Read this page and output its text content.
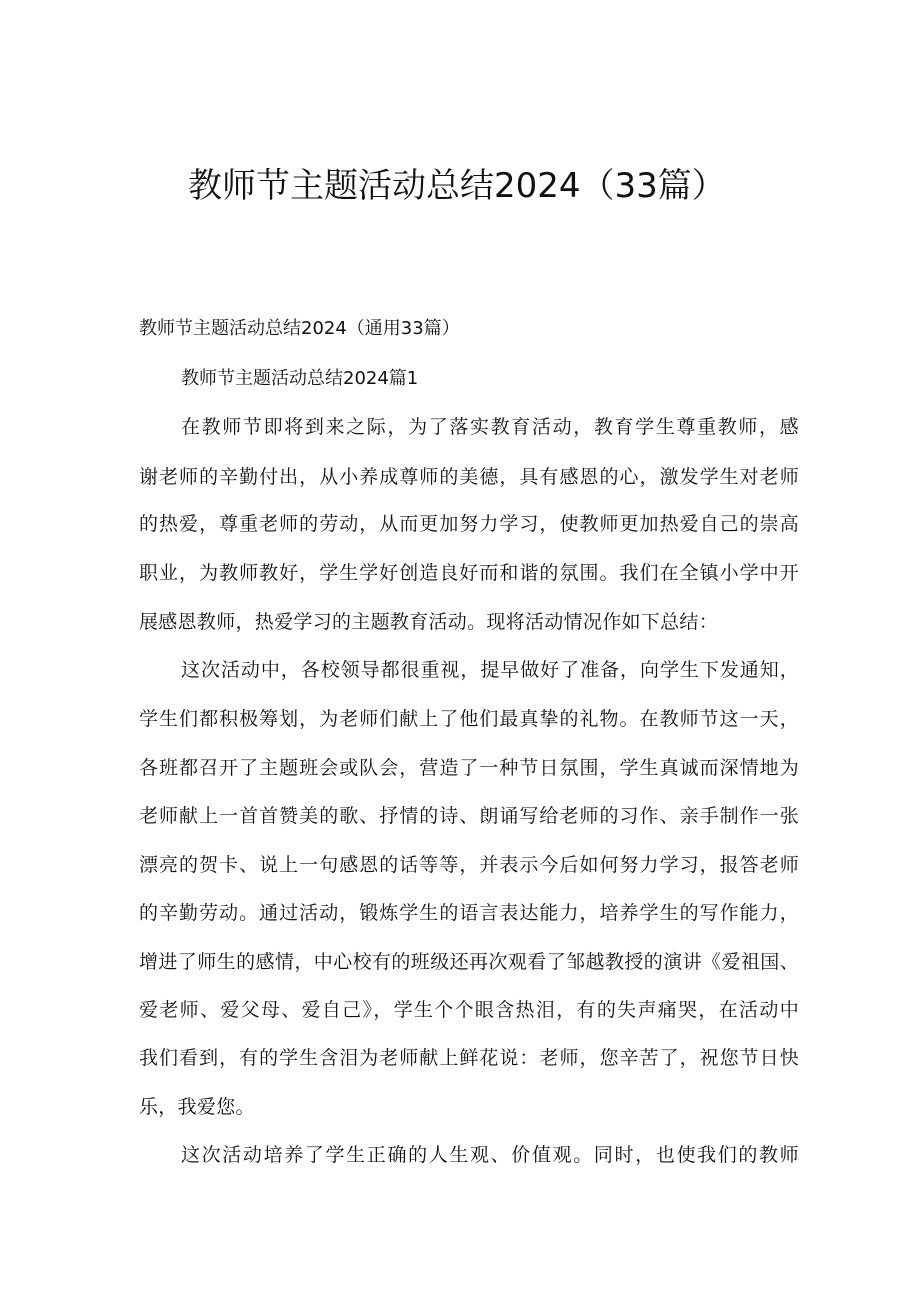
教师节主题活动总结2024（33篇）

教师节主题活动总结2024（通用33篇）

教师节主题活动总结2024篇1

在教师节即将到来之际，为了落实教育活动，教育学生尊重教师，感

谢老师的辛勤付出，从小养成尊师的美德，具有感恩的心，激发学生对老师

的热爱，尊重老师的劳动，从而更加努力学习，使教师更加热爱自己的崇高

职业，为教师教好，学生学好创造良好而和谐的氛围。我们在全镇小学中开

展感恩教师，热爱学习的主题教育活动。现将活动情况作如下总结：

这次活动中，各校领导都很重视，提早做好了准备，向学生下发通知，

学生们都积极筹划，为老师们献上了他们最真挚的礼物。在教师节这一天，

各班都召开了主题班会或队会，营造了一种节日氛围，学生真诚而深情地为

老师献上一首首赞美的歌、抒情的诗、朗诵写给老师的习作、亲手制作一张

漂亮的贺卡、说上一句感恩的话等等，并表示今后如何努力学习，报答老师

的辛勤劳动。通过活动，锻炼学生的语言表达能力，培养学生的写作能力，

增进了师生的感情，中心校有的班级还再次观看了邹越教授的演讲《爱祖国、

爱老师、爱父母、爱自己》，学生个个眼含热泪，有的失声痛哭，在活动中

我们看到，有的学生含泪为老师献上鲜花说：老师，您辛苦了，祝您节日快

乐，我爱您。

这次活动培养了学生正确的人生观、价值观。同时，也使我们的教师
